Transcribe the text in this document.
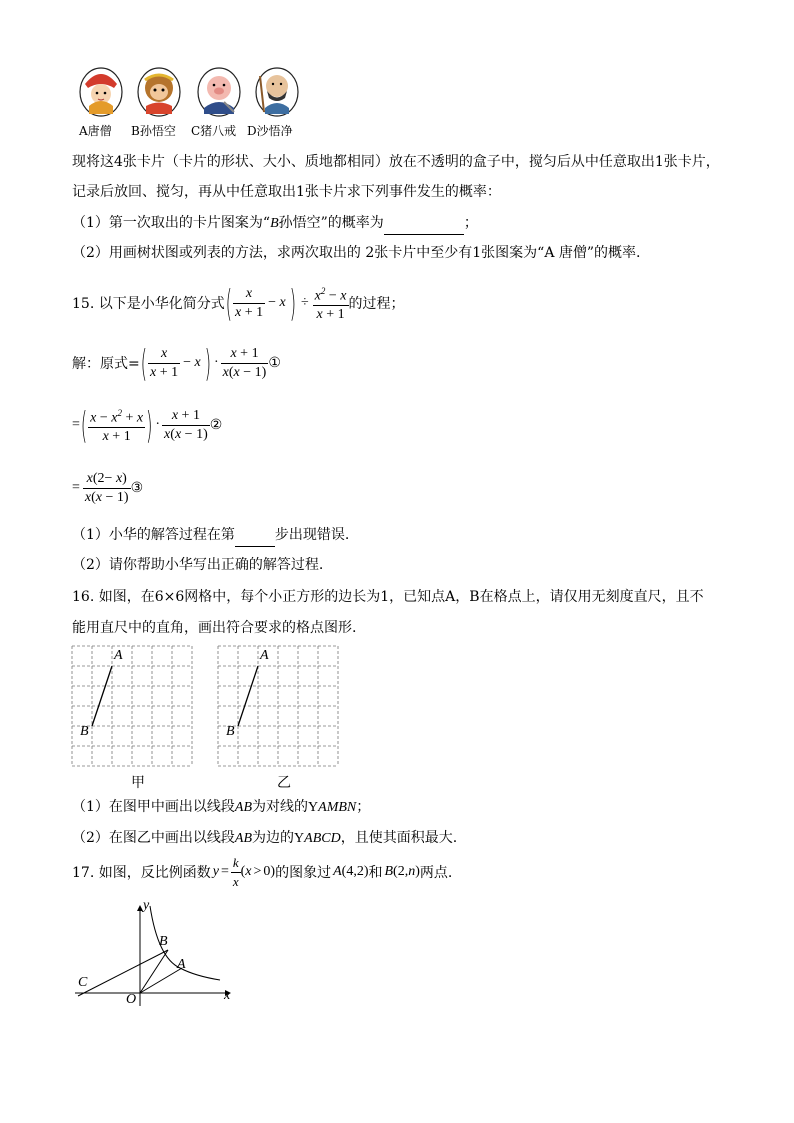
A唐僧 B孙悟空 C猪八戒 D沙悟净
现将这4张卡片（卡片的形状、大小、质地都相同）放在不透明的盒子中，搅匀后从中任意取出1张卡片，
记录后放回、搅匀，再从中任意取出1张卡片求下列事件发生的概率：
（1）第一次取出的卡片图案为“B孙悟空”的概率为	；
（2）用画树状图或列表的方法，求两次取出的 2张卡片中至少有1张图案为“A 唐僧”的概率.
15. 以下是小华化简分式 ( $\frac{x}{x + 1} - x$ ) ÷ $\frac{x^2 - x}{x + 1}$ 的过程；
解：原式= ( $\frac{x}{x + 1} - x$ ) · $\frac{x + 1}{x(x - 1)}$ ①
= ( $\frac{x - x^2 + x}{x + 1}$ ) · $\frac{x + 1}{x(x - 1)}$ ②
= $\frac{x(2- x)}{x(x - 1)}$ ③
（1）小华的解答过程在第	步出现错误.
（2）请你帮助小华写出正确的解答过程.
16. 如图，在6×6网格中，每个小正方形的边长为1，已知点A，B在格点上，请仅用无刻度直尺，且不
能用直尺中的直角，画出符合要求的格点图形.
A
B
甲
A
B
乙
（1）在图甲中画出以线段AB为对线的YAMBN；
（2）在图乙中画出以线段AB为边的YABCD，且使其面积最大.
17. 如图，反比例函数 $y = \frac{k}{x}$ ( x > 0 ) 的图象过 A (4,2) 和 B (2, n ) 两点.
y
x
O
B
A
C
